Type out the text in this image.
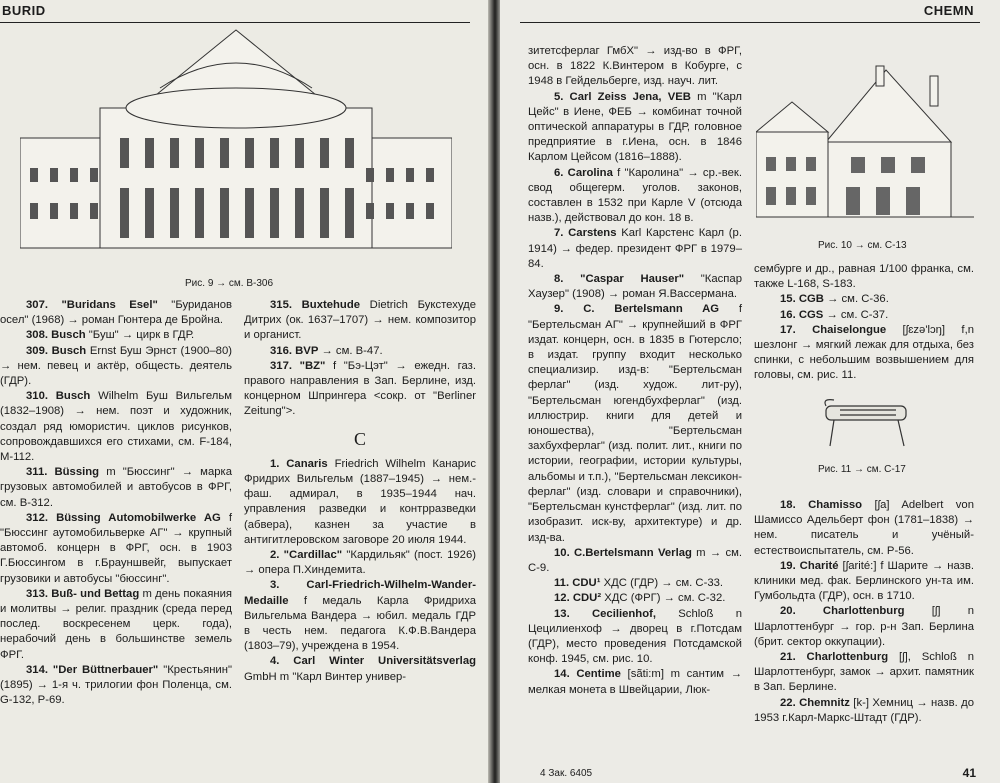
BURID
Рис. 9 → см. В-306

307. "Buridans Esel" "Буриданов осел" (1968) → роман Гюнтера де Бройна.

308. Busch "Буш" → цирк в ГДР.

309. Busch Ernst Буш Эрнст (1900–80) → нем. певец и актёр, общесть. деятель (ГДР).

310. Busch Wilhelm Буш Вильгельм (1832–1908) → нем. поэт и художник, создал ряд юмористич. циклов рисунков, сопровождавшихся его стихами, см. F-184, М-112.

311. Büssing m "Бюссинг" → марка грузовых автомобилей и автобусов в ФРГ, см. В-312.

312. Büssing Automobilwerke AG f "Бюссинг аутомобильверке АГ" → крупный автомоб. концерн в ФРГ, осн. в 1903 Г.Бюссингом в г.Брауншвейг, выпускает грузовики и автобусы "бюссинг".

313. Buß- und Bettag m день покаяния и молитвы → религ. праздник (среда перед послед. воскресенем церк. года), нерабочий день в большинстве земель ФРГ.

314. "Der Büttnerbauer" "Крестьянин" (1895) → 1-я ч. трилогии фон Поленца, см. G-132, Р-69.

315. Buxtehude Dietrich Букстехуде Дитрих (ок. 1637–1707) → нем. композитор и органист.

316. BVP → см. В-47.

317. "BZ" f "Бэ-Цэт" → ежедн. газ. правого направления в Зап. Берлине, изд. концерном Шпрингера <сокр. от "Berliner Zeitung">.

С

1. Canaris Friedrich Wilhelm Канарис Фридрих Вильгельм (1887–1945) → нем.-фаш. адмирал, в 1935–1944 нач. управления разведки и контрразведки (абвера), казнен за участие в антигитлеровском заговоре 20 июля 1944.

2. "Cardillac" "Кардильяк" (пост. 1926) → опера П.Хиндемита.

3. Carl-Friedrich-Wilhelm-Wander-Medaille f медаль Карла Фридриха Вильгельма Вандера → юбил. медаль ГДР в честь нем. педагога К.Ф.В.Вандера (1803–79), учреждена в 1954.

4. Carl Winter Universitätsverlag GmbH m "Карл Винтер универ-

CHEMN

зитетсферлаг ГмбХ" → изд-во в ФРГ, осн. в 1822 К.Винтером в Кобурге, с 1948 в Гейдельберге, изд. науч. лит.

5. Carl Zeiss Jena, VEB m "Карл Цейс" в Иене, ФЕБ → комбинат точной оптической аппаратуры в ГДР, головное предприятие в г.Иена, осн. в 1846 Карлом Цейсом (1816–1888).

6. Carolina f "Каролина" → ср.-век. свод общегерм. уголов. законов, составлен в 1532 при Карле V (отсюда назв.), действовал до кон. 18 в.

7. Carstens Karl Карстенс Карл (р. 1914) → федер. президент ФРГ в 1979–84.

8. "Caspar Hauser" "Каспар Хаузер" (1908) → роман Я.Вассермана.

9. C. Bertelsmann AG f "Бертельсман АГ" → крупнейший в ФРГ издат. концерн, осн. в 1835 в Гютерсло; в издат. группу входит несколько специализир. изд-в: "Бертельсман ферлаг" (изд. худож. лит-ру), "Бертельсман югендбухферлаг" (изд. иллюстрир. книги для детей и юношества), "Бертельсман захбухферлаг" (изд. полит. лит., книги по истории, географии, истории культуры, альбомы и т.п.), "Бертельсман лексикон-ферлаг" (изд. словари и справочники), "Бертельсман кунстферлаг" (изд. лит. по изобразит. иск-ву, архитектуре) и др. изд-ва.

10. C.Bertelsmann Verlag m → см. С-9.

11. CDU¹ ХДС (ГДР) → см. С-33.

12. CDU² ХДС (ФРГ) → см. С-32.

13. Cecilienhof, Schloß n Цецилиенхоф → дворец в г.Потсдам (ГДР), место проведения Потсдамской конф. 1945, см. рис. 10.

14. Centime [sãti:m] m сантим → мелкая монета в Швейцарии, Люк-

Рис. 10 → см. С-13

сембурге и др., равная 1/100 франка, см. также L-168, S-183.

15. CGB → см. С-36.

16. CGS → см. С-37.

17. Chaiselongue [ʃɛzə'lɔŋ] f,n шезлонг → мягкий лежак для отдыха, без спинки, с небольшим возвышением для головы, см. рис. 11.

Рис. 11 → см. С-17

18. Chamisso [ʃa] Adelbert von Шамиссо Адельберт фон (1781–1838) → нем. писатель и учёный-естествоиспытатель, см. Р-56.

19. Charité [ʃarité:] f Шарите → назв. клиники мед. фак. Берлинского ун-та им. Гумбольдта (ГДР), осн. в 1710.

20. Charlottenburg [ʃ] n Шарлоттенбург → гор. р-н Зап. Берлина (брит. сектор оккупации).

21. Charlottenburg [ʃ], Schloß n Шарлоттенбург, замок → архит. памятник в Зап. Берлине.

22. Chemnitz [k-] Хемниц → назв. до 1953 г.Карл-Маркс-Штадт (ГДР).

4 Зак. 6405	41
